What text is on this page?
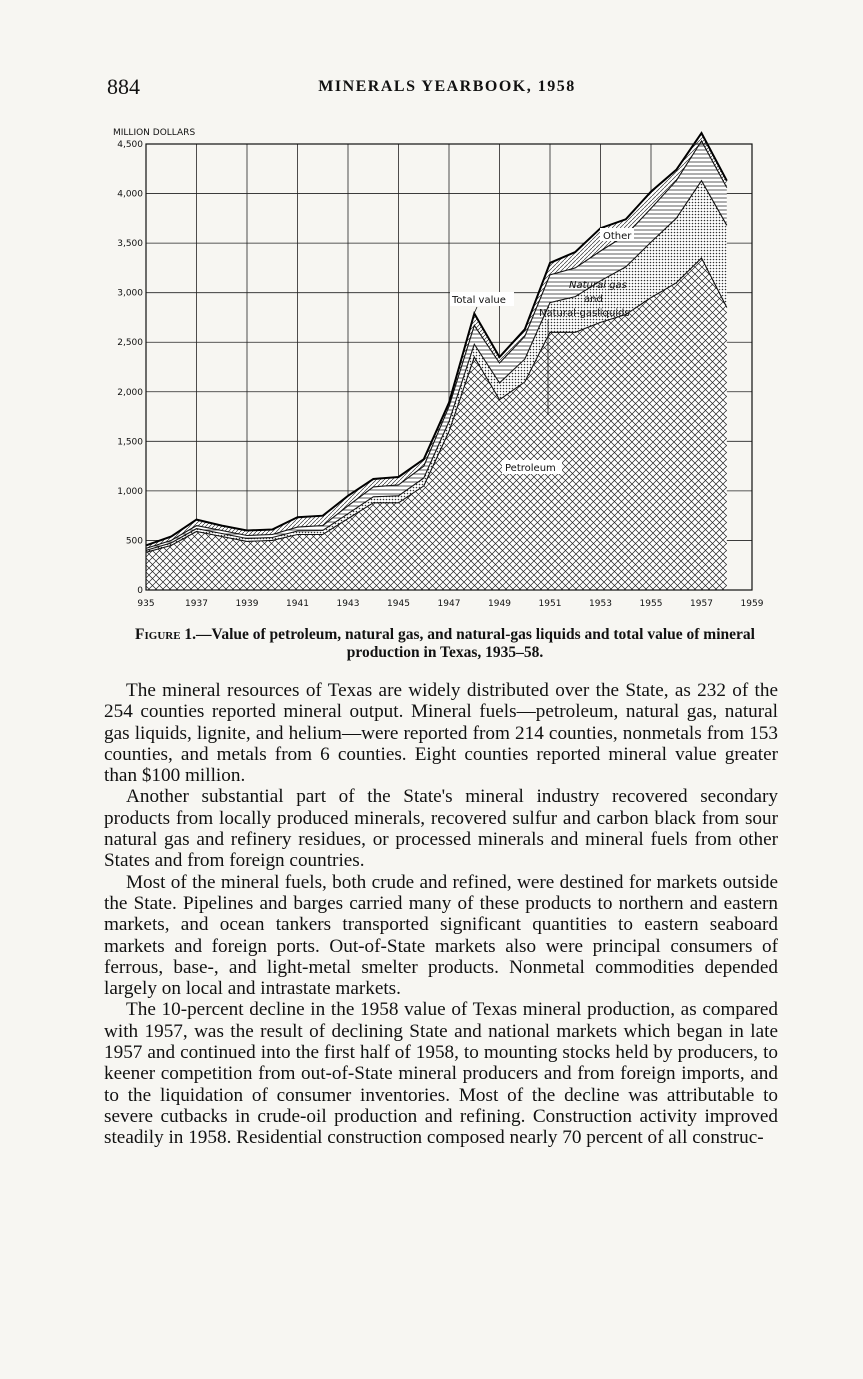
884	MINERALS YEARBOOK, 1958
MILLION DOLLARS
0
500
1,000
1,500
2,000
2,500
3,000
3,500
4,000
4,500
935	1937	1939	1941	1943	1945	1947	1949	1951	1953	1955	1957	1959
Total value
Other
Natural gas
and
Natural-gas liquids
Petroleum
Figure 1.—Value of petroleum, natural gas, and natural-gas liquids and total value of mineral production in Texas, 1935–58.

The mineral resources of Texas are widely distributed over the State, as 232 of the 254 counties reported mineral output. Mineral fuels—petroleum, natural gas, natural gas liquids, lignite, and helium—were reported from 214 counties, nonmetals from 153 counties, and metals from 6 counties. Eight counties reported mineral value greater than $100 million.

Another substantial part of the State's mineral industry recovered secondary products from locally produced minerals, recovered sulfur and carbon black from sour natural gas and refinery residues, or processed minerals and mineral fuels from other States and from foreign countries.

Most of the mineral fuels, both crude and refined, were destined for markets outside the State. Pipelines and barges carried many of these products to northern and eastern markets, and ocean tankers transported significant quantities to eastern seaboard markets and foreign ports. Out-of-State markets also were principal consumers of ferrous, base-, and light-metal smelter products. Nonmetal commodities depended largely on local and intrastate markets.

The 10-percent decline in the 1958 value of Texas mineral production, as compared with 1957, was the result of declining State and national markets which began in late 1957 and continued into the first half of 1958, to mounting stocks held by producers, to keener competition from out-of-State mineral producers and from foreign imports, and to the liquidation of consumer inventories. Most of the decline was attributable to severe cutbacks in crude-oil production and refining. Construction activity improved steadily in 1958. Residential construction composed nearly 70 percent of all construc-
